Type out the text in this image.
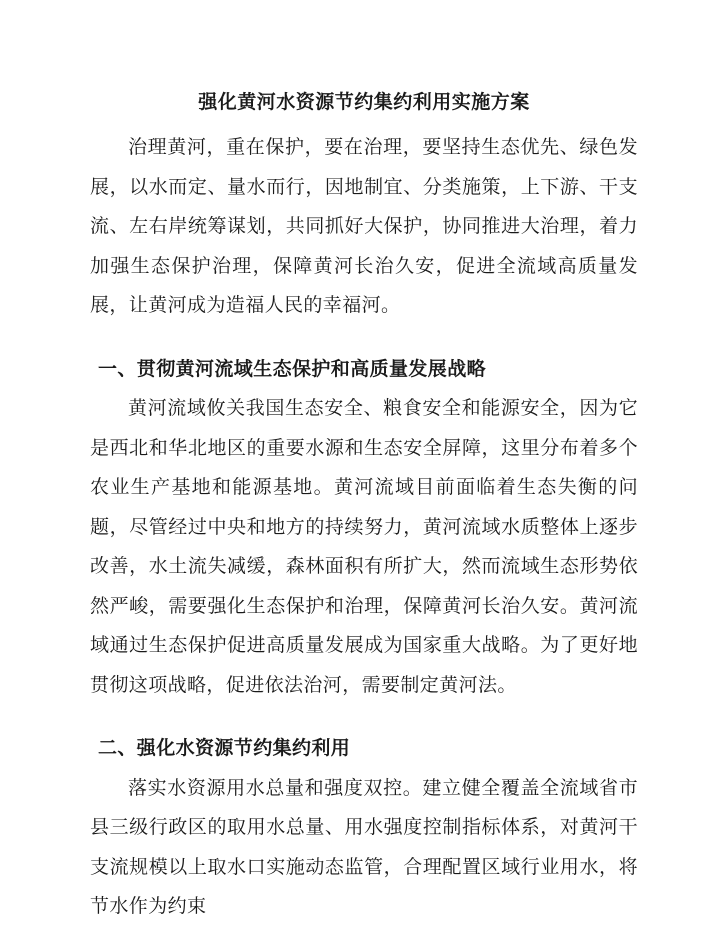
强化黄河水资源节约集约利用实施方案

治理黄河，重在保护，要在治理，要坚持生态优先、绿色发展，以水而定、量水而行，因地制宜、分类施策，上下游、干支流、左右岸统筹谋划，共同抓好大保护，协同推进大治理，着力加强生态保护治理，保障黄河长治久安，促进全流域高质量发展，让黄河成为造福人民的幸福河。

一、贯彻黄河流域生态保护和高质量发展战略

黄河流域攸关我国生态安全、粮食安全和能源安全，因为它是西北和华北地区的重要水源和生态安全屏障，这里分布着多个农业生产基地和能源基地。黄河流域目前面临着生态失衡的问题，尽管经过中央和地方的持续努力，黄河流域水质整体上逐步改善，水土流失减缓，森林面积有所扩大，然而流域生态形势依然严峻，需要强化生态保护和治理，保障黄河长治久安。黄河流域通过生态保护促进高质量发展成为国家重大战略。为了更好地贯彻这项战略，促进依法治河，需要制定黄河法。

二、强化水资源节约集约利用

落实水资源用水总量和强度双控。建立健全覆盖全流域省市县三级行政区的取用水总量、用水强度控制指标体系，对黄河干支流规模以上取水口实施动态监管，合理配置区域行业用水，将节水作为约束
